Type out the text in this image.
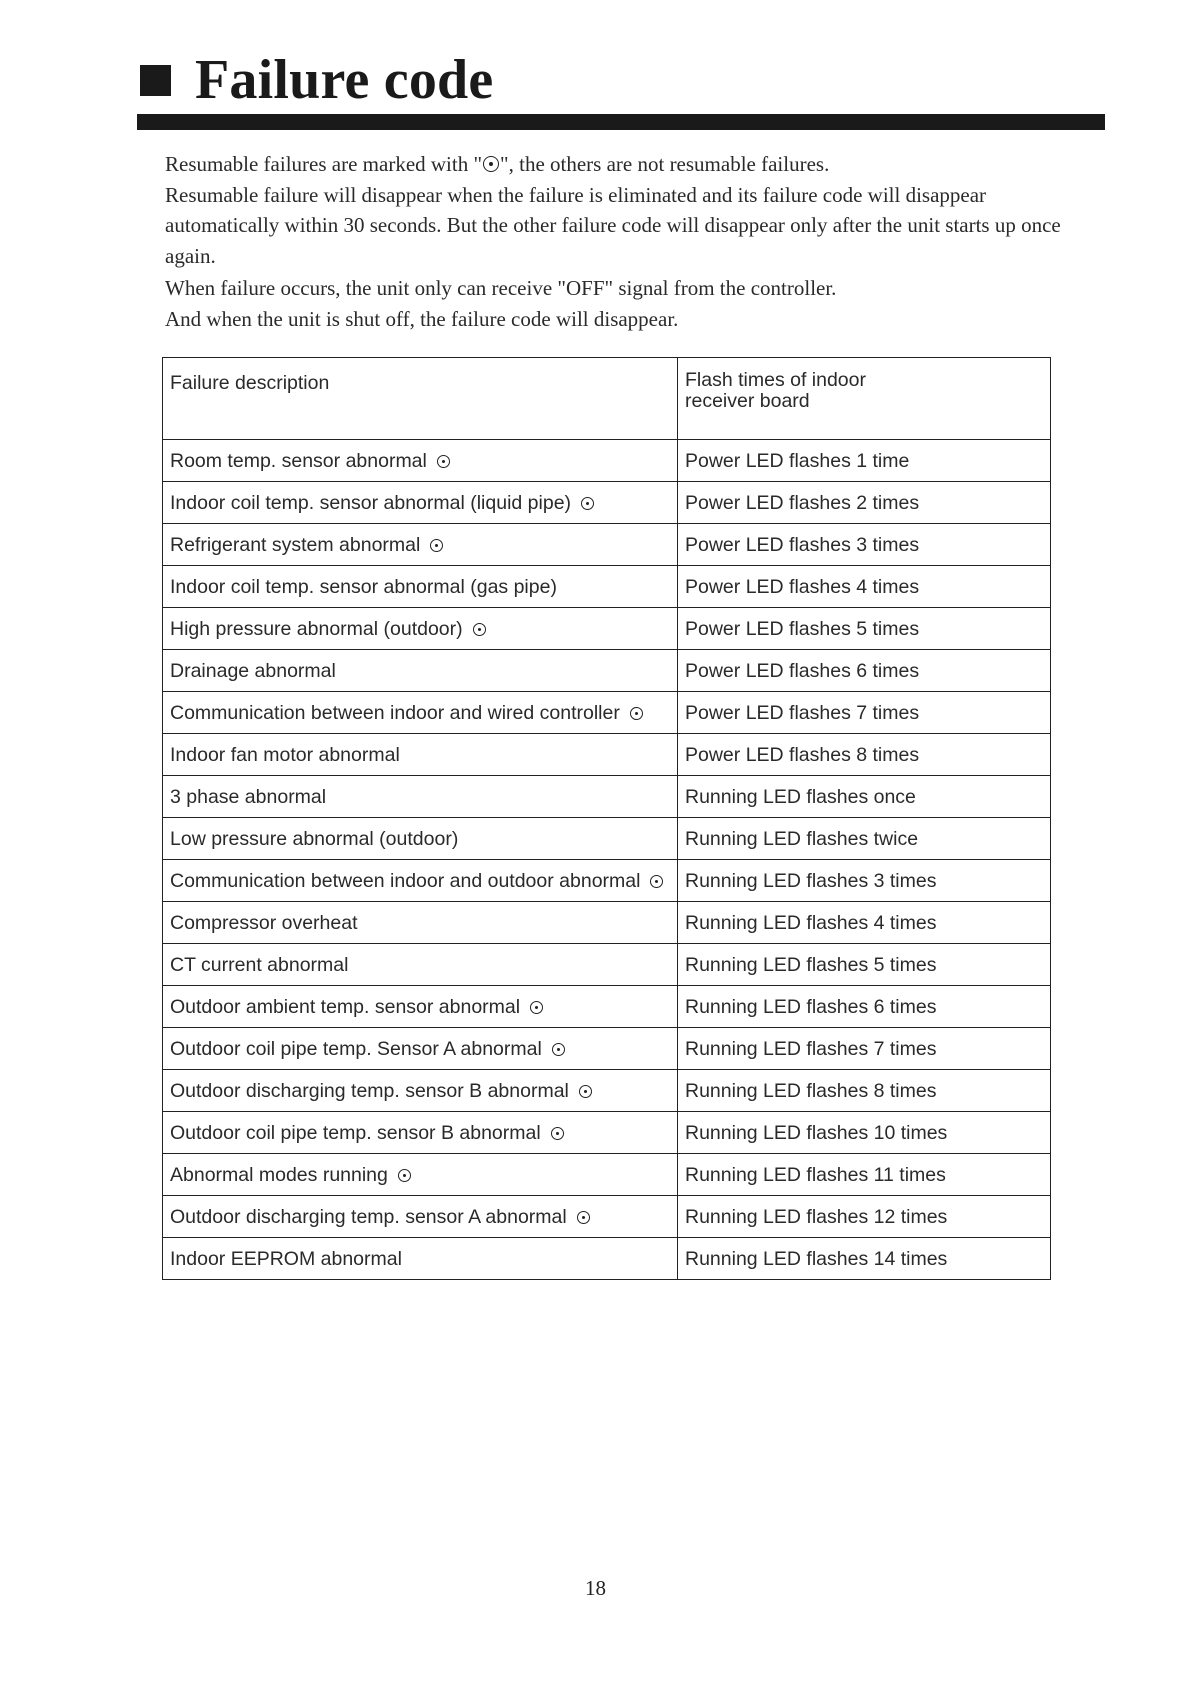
Failure code

Resumable failures are marked with " ", the others are not resumable failures.

Resumable failure will disappear when the failure is eliminated and its failure code will disappear automatically within 30 seconds. But the other failure code will disappear only after the unit starts up once again.

When failure occurs, the unit only can receive "OFF" signal from the controller.

And when the unit is shut off, the failure code will disappear.

Failure description	Flash times of indoor
receiver board
Room temp. sensor abnormal	Power LED flashes 1 time
Indoor coil temp. sensor abnormal (liquid pipe)	Power LED flashes 2 times
Refrigerant system abnormal	Power LED flashes 3 times
Indoor coil temp. sensor abnormal (gas pipe)	Power LED flashes 4 times
High pressure abnormal (outdoor)	Power LED flashes 5 times
Drainage abnormal	Power LED flashes 6 times
Communication between indoor and wired controller	Power LED flashes 7 times
Indoor fan motor abnormal	Power LED flashes 8 times
3 phase abnormal	Running LED flashes once
Low pressure abnormal (outdoor)	Running LED flashes twice
Communication between indoor and outdoor abnormal	Running LED flashes 3 times
Compressor overheat	Running LED flashes 4 times
CT current abnormal	Running LED flashes 5 times
Outdoor ambient temp. sensor abnormal	Running LED flashes 6 times
Outdoor coil pipe temp. Sensor A abnormal	Running LED flashes 7 times
Outdoor discharging temp. sensor B abnormal	Running LED flashes 8 times
Outdoor coil pipe temp. sensor B abnormal	Running LED flashes 10 times
Abnormal modes running	Running LED flashes 11 times
Outdoor discharging temp. sensor A abnormal	Running LED flashes 12 times
Indoor EEPROM abnormal	Running LED flashes 14 times
18
